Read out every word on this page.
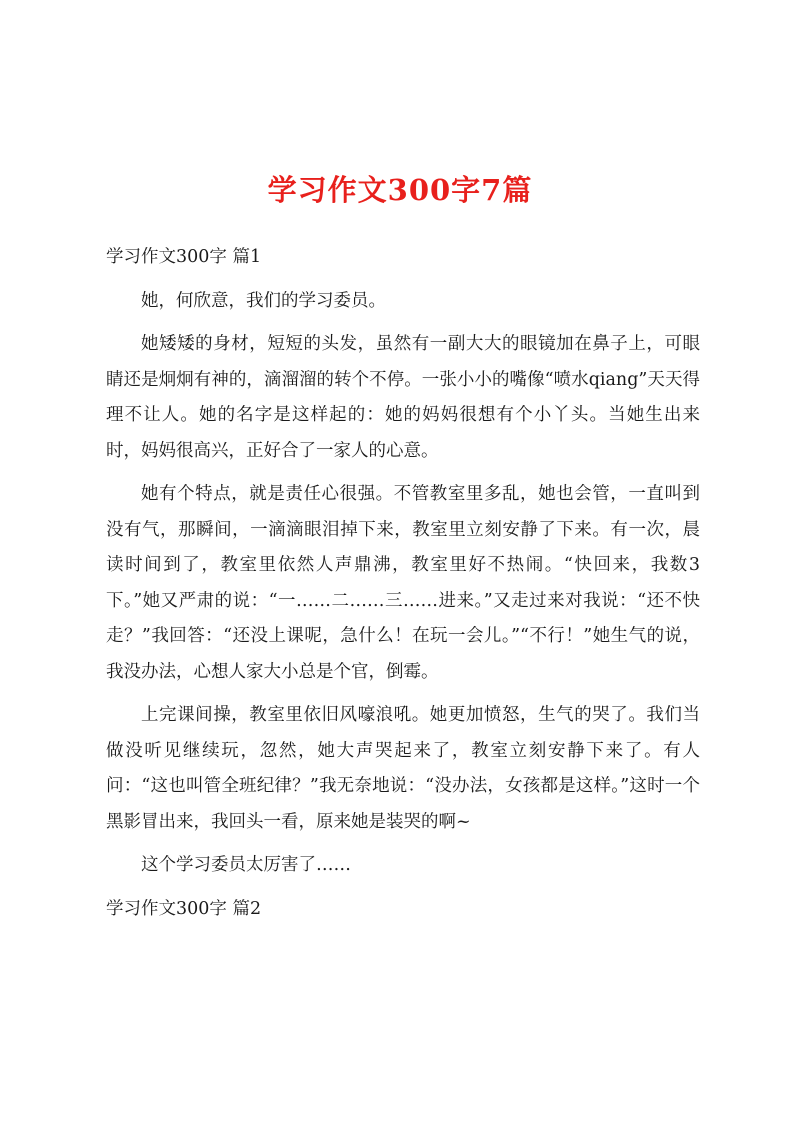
学习作文300字7篇

学习作文300字 篇1

她，何欣意，我们的学习委员。

她矮矮的身材，短短的头发，虽然有一副大大的眼镜加在鼻子上，可眼睛还是炯炯有神的，滴溜溜的转个不停。一张小小的嘴像“喷水qiang”天天得理不让人。她的名字是这样起的：她的妈妈很想有个小丫头。当她生出来时，妈妈很高兴，正好合了一家人的心意。

她有个特点，就是责任心很强。不管教室里多乱，她也会管，一直叫到没有气，那瞬间，一滴滴眼泪掉下来，教室里立刻安静了下来。有一次，晨读时间到了，教室里依然人声鼎沸，教室里好不热闹。“快回来，我数3下。”她又严肃的说：“一……二……三……进来。”又走过来对我说：“还不快走？”我回答：“还没上课呢，急什么！在玩一会儿。”“不行！”她生气的说，我没办法，心想人家大小总是个官，倒霉。

上完课间操，教室里依旧风嚎浪吼。她更加愤怒，生气的哭了。我们当做没听见继续玩，忽然，她大声哭起来了，教室立刻安静下来了。有人问：“这也叫管全班纪律？”我无奈地说：“没办法，女孩都是这样。”这时一个黑影冒出来，我回头一看，原来她是装哭的啊~

这个学习委员太厉害了……

学习作文300字 篇2
